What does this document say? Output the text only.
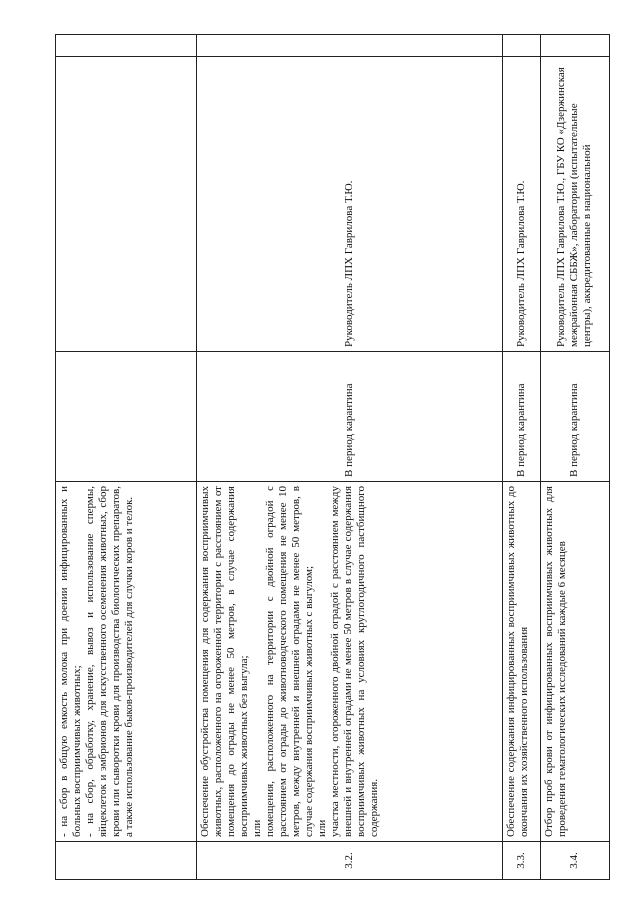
	- на сбор в общую емкость молока при доении инфицированных и больных восприимчивых животных; - на сбор, обработку, хранение, вывоз и использование спермы, яйцеклеток и эмбрионов для искусственного осеменения животных, сбор крови или сыворотки крови для производства биологических препаратов, а также использование быков-производителей для случки коров и телок.			

3.2.	Обеспечение обустройства помещения для содержания восприимчивых животных, расположенного на огороженной территории с расстоянием от помещения до ограды не менее 50 метров, в случае содержания восприимчивых животных без выгула; или помещения, расположенного на территории с двойной оградой с расстоянием от ограды до животноводческого помещения не менее 10 метров, между внутренней и внешней оградами не менее 50 метров, в случае содержания восприимчивых животных с выгулом; или участка местности, огороженного двойной оградой с расстоянием между внешней и внутренней оградами не менее 50 метров в случае содержания восприимчивых животных на условиях круглогодичного пастбищного содержания.	В период карантина	Руководитель ЛПХ Гаврилова Т.Ю.	
3.3.	Обеспечение содержания инфицированных восприимчивых животных до окончания их хозяйственного использования	В период карантина	Руководитель ЛПХ Гаврилова Т.Ю.	
3.4.	Отбор проб крови от инфицированных восприимчивых животных для проведения гематологических исследований каждые 6 месяцев	В период карантина	Руководитель ЛПХ Гаврилова Т.Ю., ГБУ КО «Дзержинская межрайонная СББЖ», лаборатории (испытательные центры), аккредитованные в национальной	
